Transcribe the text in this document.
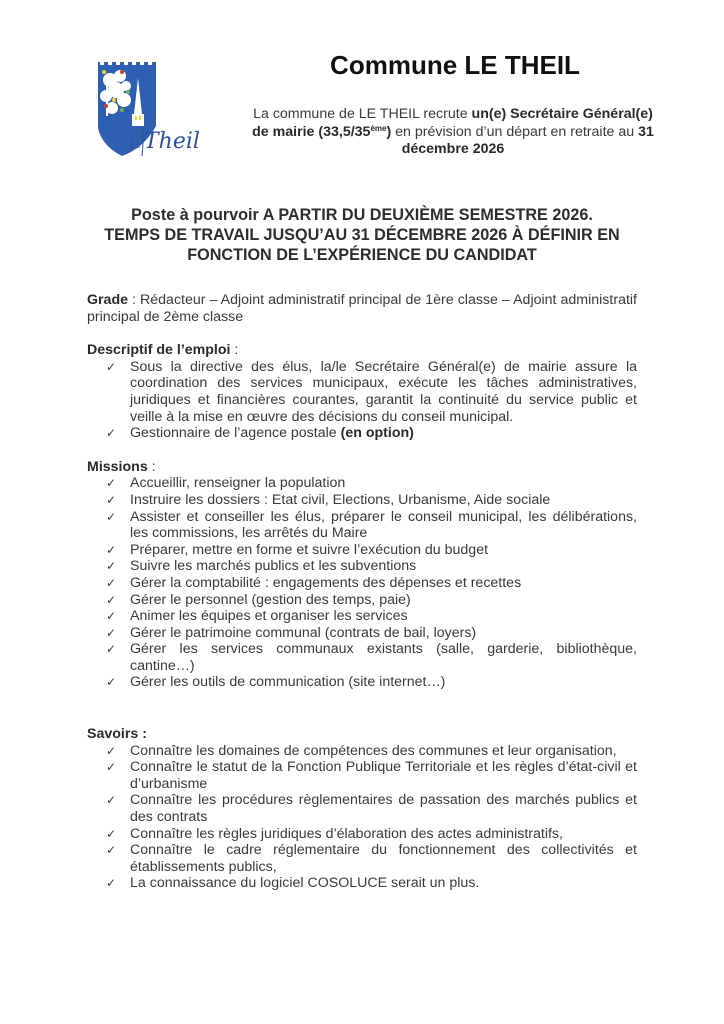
Theil
Le
Commune LE THEIL
La commune de LE THEIL recrute un(e) Secrétaire Général(e) de mairie (33,5/35ème) en prévision d’un départ en retraite au 31 décembre 2026
Poste à pourvoir A PARTIR DU DEUXIÈME SEMESTRE 2026.
TEMPS DE TRAVAIL JUSQU’AU 31 DÉCEMBRE 2026 À DÉFINIR EN
FONCTION DE L’EXPÉRIENCE DU CANDIDAT
Grade : Rédacteur – Adjoint administratif principal de 1ère classe – Adjoint administratif principal de 2ème classe
Descriptif de l’emploi :
✓ Sous la directive des élus, la/le Secrétaire Général(e) de mairie assure la coordination des services municipaux, exécute les tâches administratives, juridiques et financières courantes, garantit la continuité du service public et veille à la mise en œuvre des décisions du conseil municipal.
✓ Gestionnaire de l’agence postale (en option)
Missions :
✓ Accueillir, renseigner la population
✓ Instruire les dossiers : Etat civil, Elections, Urbanisme, Aide sociale
✓ Assister et conseiller les élus, préparer le conseil municipal, les délibérations, les commissions, les arrêtés du Maire
✓ Préparer, mettre en forme et suivre l’exécution du budget
✓ Suivre les marchés publics et les subventions
✓ Gérer la comptabilité : engagements des dépenses et recettes
✓ Gérer le personnel (gestion des temps, paie)
✓ Animer les équipes et organiser les services
✓ Gérer le patrimoine communal (contrats de bail, loyers)
✓ Gérer les services communaux existants (salle, garderie, bibliothèque, cantine…)
✓ Gérer les outils de communication (site internet…)
Savoirs :
✓ Connaître les domaines de compétences des communes et leur organisation,
✓ Connaître le statut de la Fonction Publique Territoriale et les règles d’état-civil et d’urbanisme
✓ Connaître les procédures règlementaires de passation des marchés publics et des contrats
✓ Connaître les règles juridiques d’élaboration des actes administratifs,
✓ Connaître le cadre réglementaire du fonctionnement des collectivités et établissements publics,
✓ La connaissance du logiciel COSOLUCE serait un plus.
